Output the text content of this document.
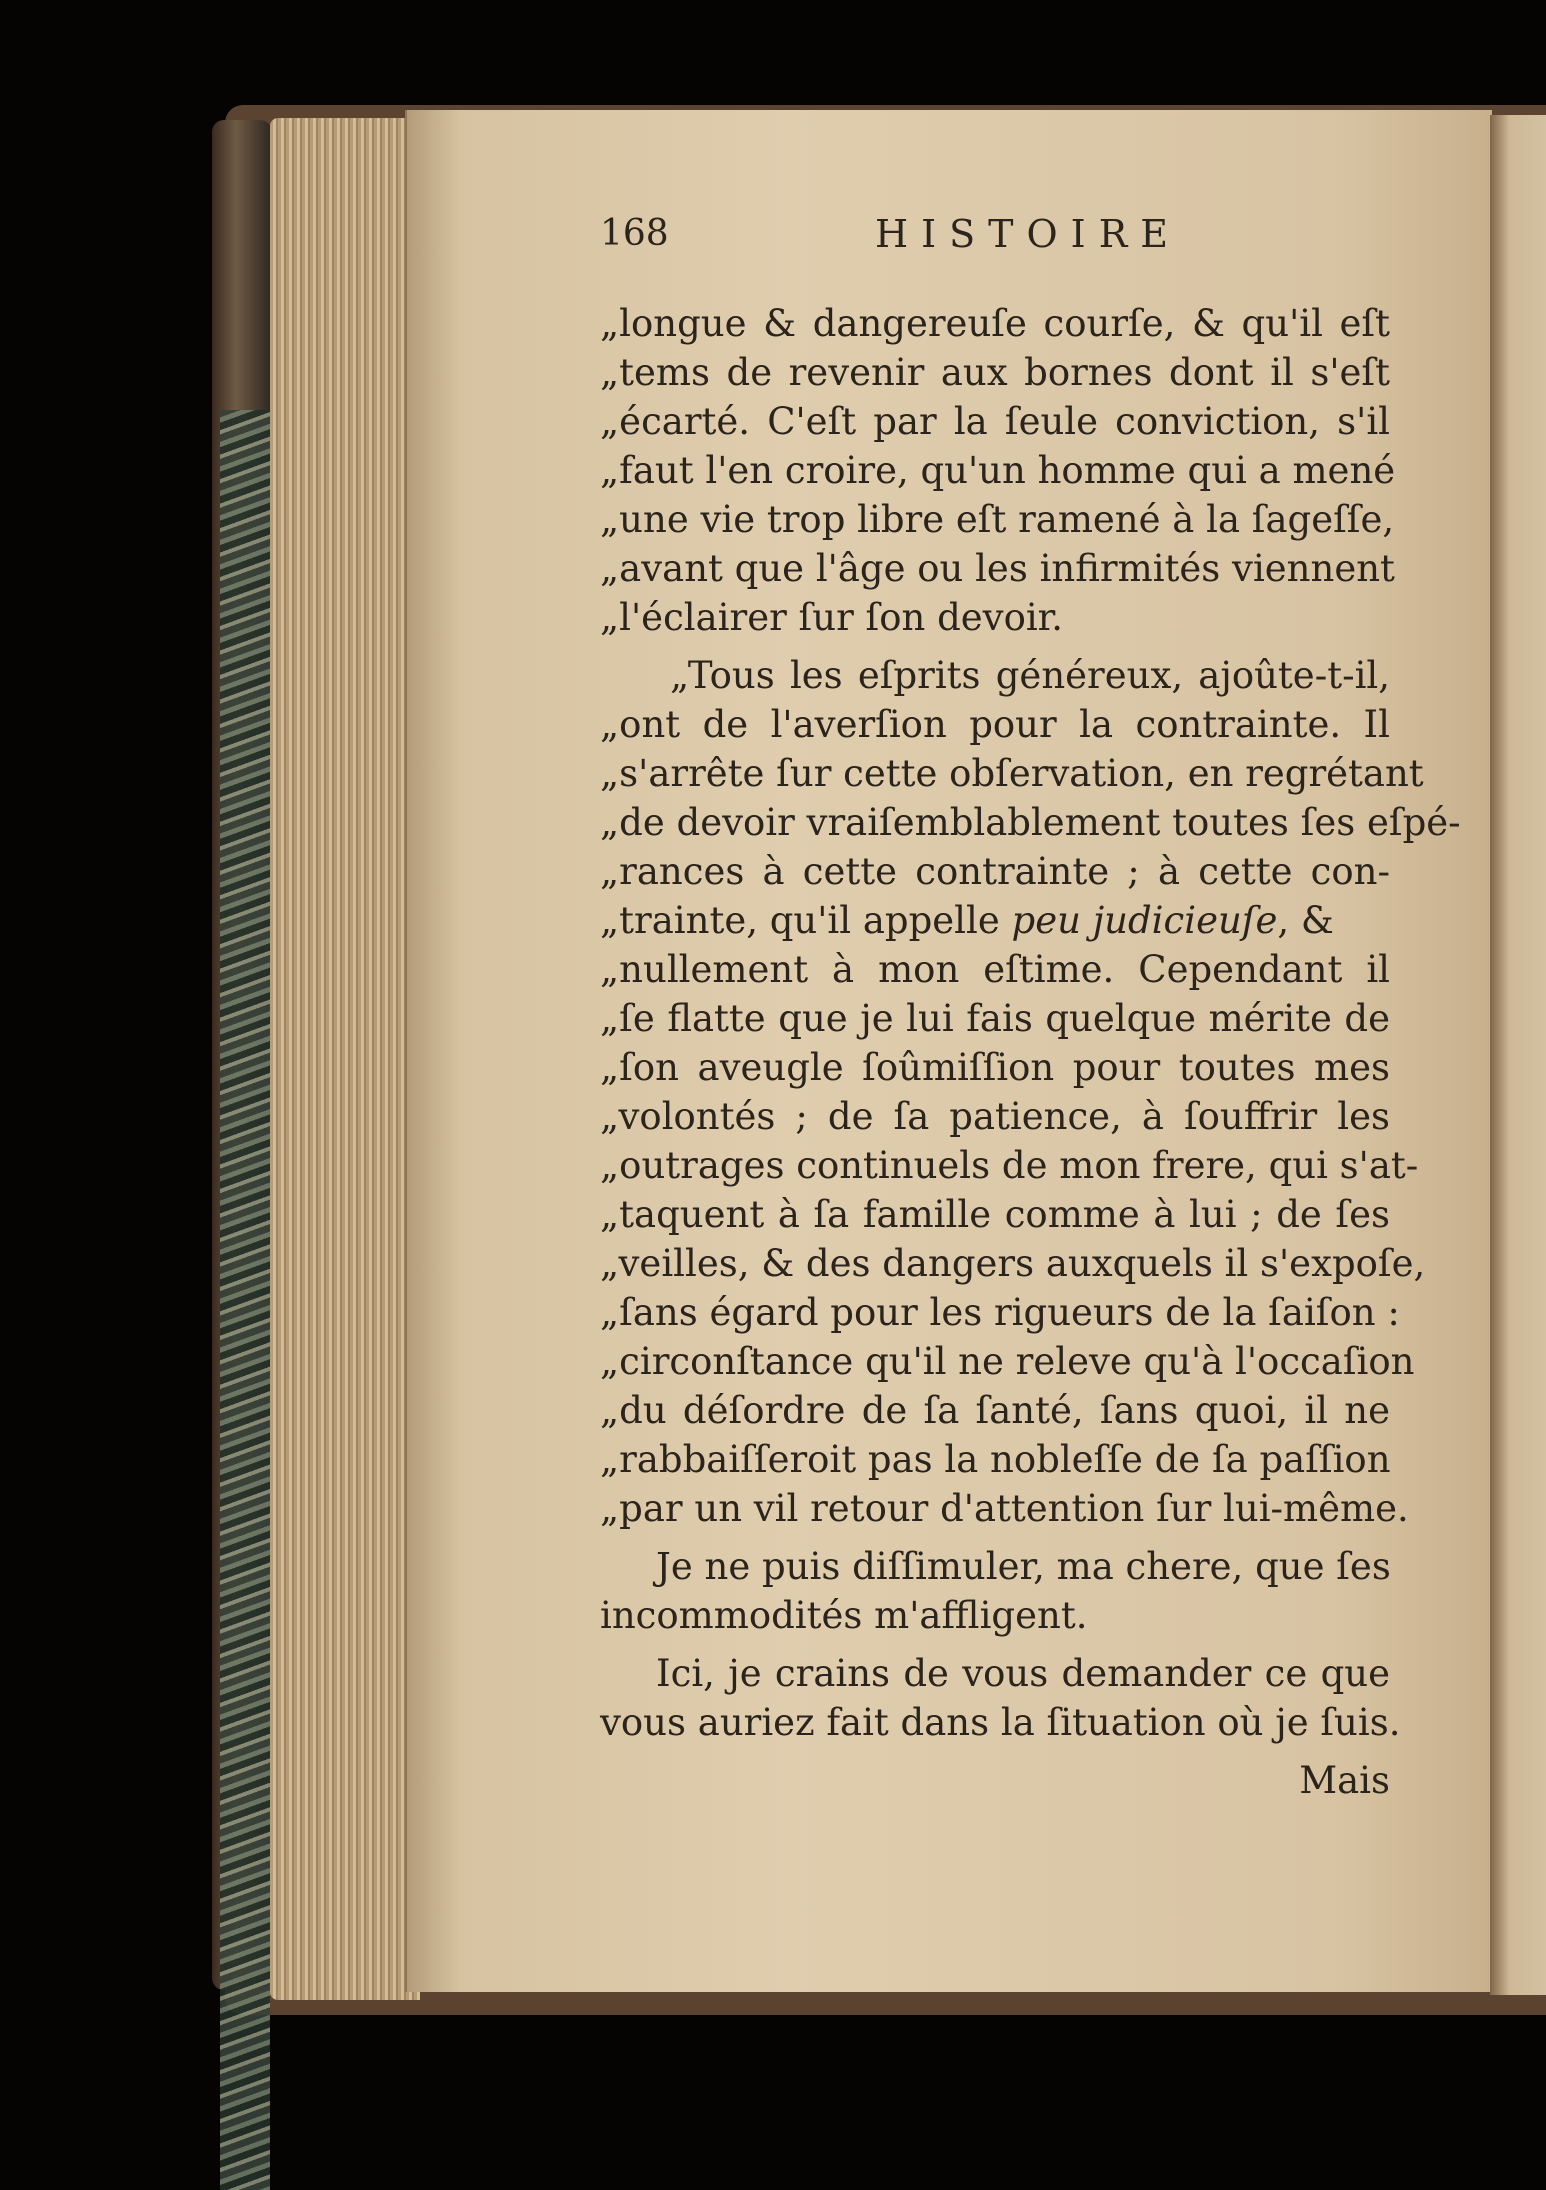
168	HISTOIRE
„longue & dangereuſe courſe, & qu'il eſt
„tems de revenir aux bornes dont il s'eſt
„écarté. C'eſt par la ſeule conviction, s'il
„faut l'en croire, qu'un homme qui a mené
„une vie trop libre eſt ramené à la ſageſſe,
„avant que l'âge ou les infirmités viennent
„l'éclairer ſur ſon devoir.
„Tous les eſprits généreux, ajoûte-t-il,
„ont de l'averſion pour la contrainte. Il
„s'arrête ſur cette obſervation, en regrétant
„de devoir vraiſemblablement toutes ſes eſpé-
„rances à cette contrainte ; à cette con-
„trainte, qu'il appelle peu judicieuſe, &
„nullement à mon eſtime. Cependant il
„ſe flatte que je lui fais quelque mérite de
„ſon aveugle ſoûmiſſion pour toutes mes
„volontés ; de ſa patience, à ſouffrir les
„outrages continuels de mon frere, qui s'at-
„taquent à ſa famille comme à lui ; de ſes
„veilles, & des dangers auxquels il s'expoſe,
„ſans égard pour les rigueurs de la ſaiſon :
„circonſtance qu'il ne releve qu'à l'occaſion
„du déſordre de ſa ſanté, ſans quoi, il ne
„rabbaiſſeroit pas la nobleſſe de ſa paſſion
„par un vil retour d'attention ſur lui-même.
Je ne puis diſſimuler, ma chere, que ſes
incommodités m'affligent.
Ici, je crains de vous demander ce que
vous auriez fait dans la ſituation où je ſuis.
Mais
